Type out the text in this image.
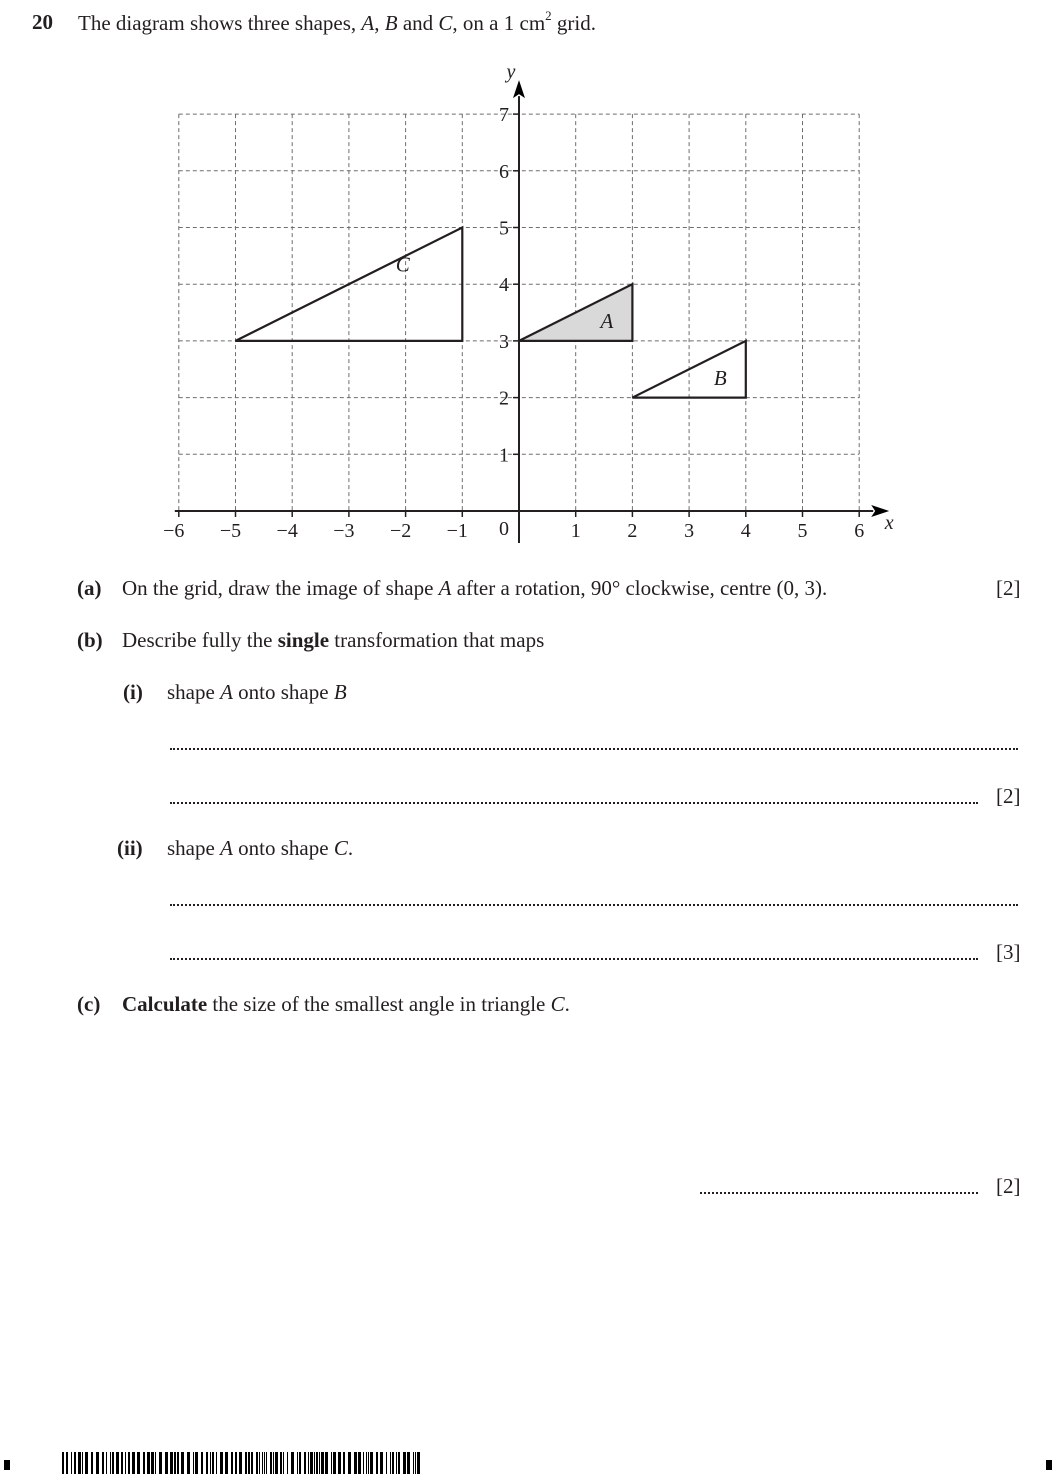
20 The diagram shows three shapes, A, B and C, on a 1 $cm^2$ grid.
A
B
C
−6 −5 −4 −3 −2 −1	1 2 3 4 5 6
1
2
3
4
5
6
7
0	x
y
(a) On the grid, draw the image of shape A after a rotation, 90° clockwise, centre (0, 3).	[2]
(b) Describe fully the single transformation that maps
(i) shape A onto shape B
[2]
(ii) shape A onto shape C.
[3]
(c) Calculate the size of the smallest angle in triangle C.
[2]
